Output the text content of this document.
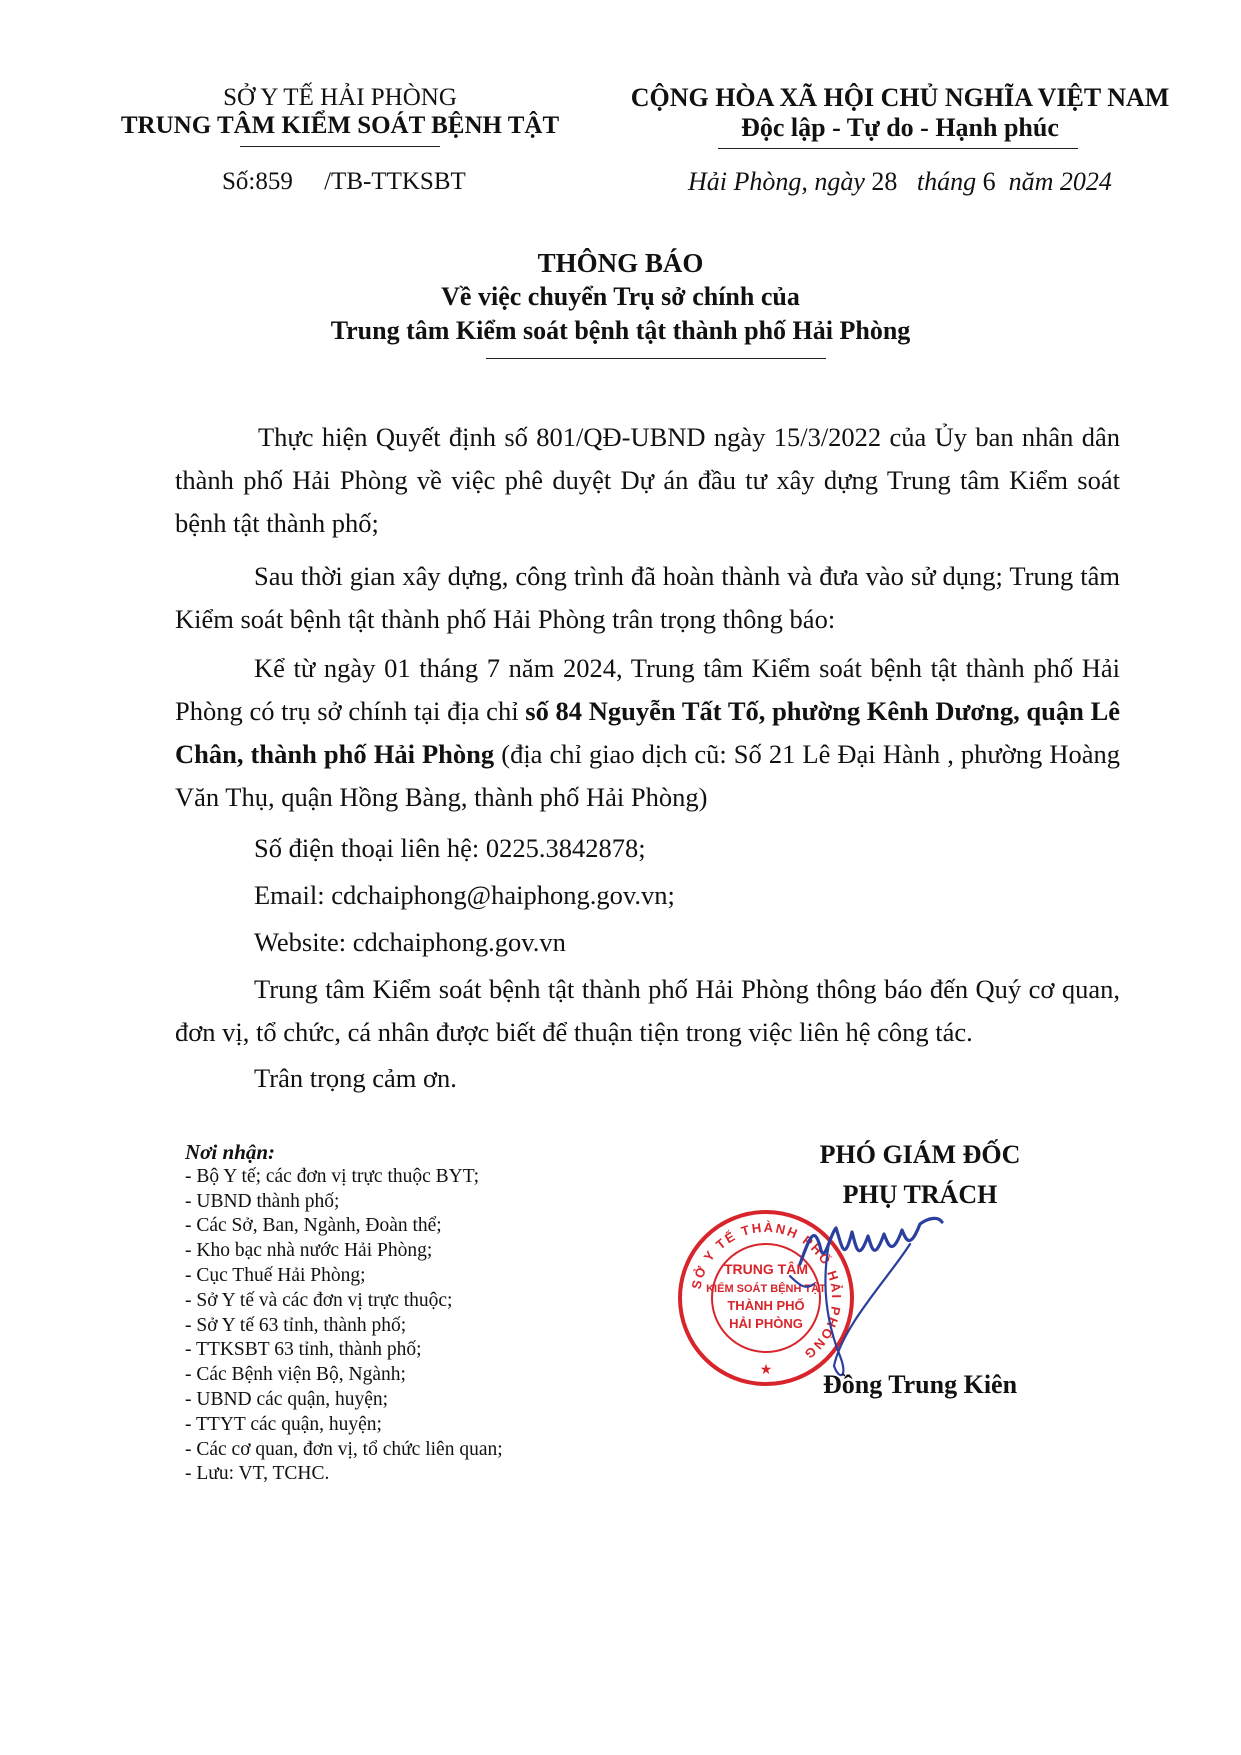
SỞ Y TẾ HẢI PHÒNG
TRUNG TÂM KIỂM SOÁT BỆNH TẬT
Số:859 /TB-TTKSBT
CỘNG HÒA XÃ HỘI CHỦ NGHĨA VIỆT NAM
Độc lập - Tự do - Hạnh phúc
Hải Phòng, ngày 28 tháng 6 năm 2024
THÔNG BÁO
Về việc chuyển Trụ sở chính của
Trung tâm Kiểm soát bệnh tật thành phố Hải Phòng
Thực hiện Quyết định số 801/QĐ-UBND ngày 15/3/2022 của Ủy ban nhân dân thành phố Hải Phòng về việc phê duyệt Dự án đầu tư xây dựng Trung tâm Kiểm soát bệnh tật thành phố;
Sau thời gian xây dựng, công trình đã hoàn thành và đưa vào sử dụng; Trung tâm Kiểm soát bệnh tật thành phố Hải Phòng trân trọng thông báo:
Kể từ ngày 01 tháng 7 năm 2024, Trung tâm Kiểm soát bệnh tật thành phố Hải Phòng có trụ sở chính tại địa chỉ số 84 Nguyễn Tất Tố, phường Kênh Dương, quận Lê Chân, thành phố Hải Phòng (địa chỉ giao dịch cũ: Số 21 Lê Đại Hành , phường Hoàng Văn Thụ, quận Hồng Bàng, thành phố Hải Phòng)
Số điện thoại liên hệ: 0225.3842878;
Email: cdchaiphong@haiphong.gov.vn;
Website: cdchaiphong.gov.vn
Trung tâm Kiểm soát bệnh tật thành phố Hải Phòng thông báo đến Quý cơ quan, đơn vị, tổ chức, cá nhân được biết để thuận tiện trong việc liên hệ công tác.
Trân trọng cảm ơn.
Nơi nhận:
- Bộ Y tế; các đơn vị trực thuộc BYT;
- UBND thành phố;
- Các Sở, Ban, Ngành, Đoàn thể;
- Kho bạc nhà nước Hải Phòng;
- Cục Thuế Hải Phòng;
- Sở Y tế và các đơn vị trực thuộc;
- Sở Y tế 63 tỉnh, thành phố;
- TTKSBT 63 tỉnh, thành phố;
- Các Bệnh viện Bộ, Ngành;
- UBND các quận, huyện;
- TTYT các quận, huyện;
- Các cơ quan, đơn vị, tổ chức liên quan;
- Lưu: VT, TCHC.
PHÓ GIÁM ĐỐC
PHỤ TRÁCH
SỞ Y TẾ THÀNH PHỐ HẢI PHÒNG
TRUNG TÂM
KIỂM SOÁT BỆNH TẬT
THÀNH PHỐ
HẢI PHÒNG
★	Đồng Trung Kiên
